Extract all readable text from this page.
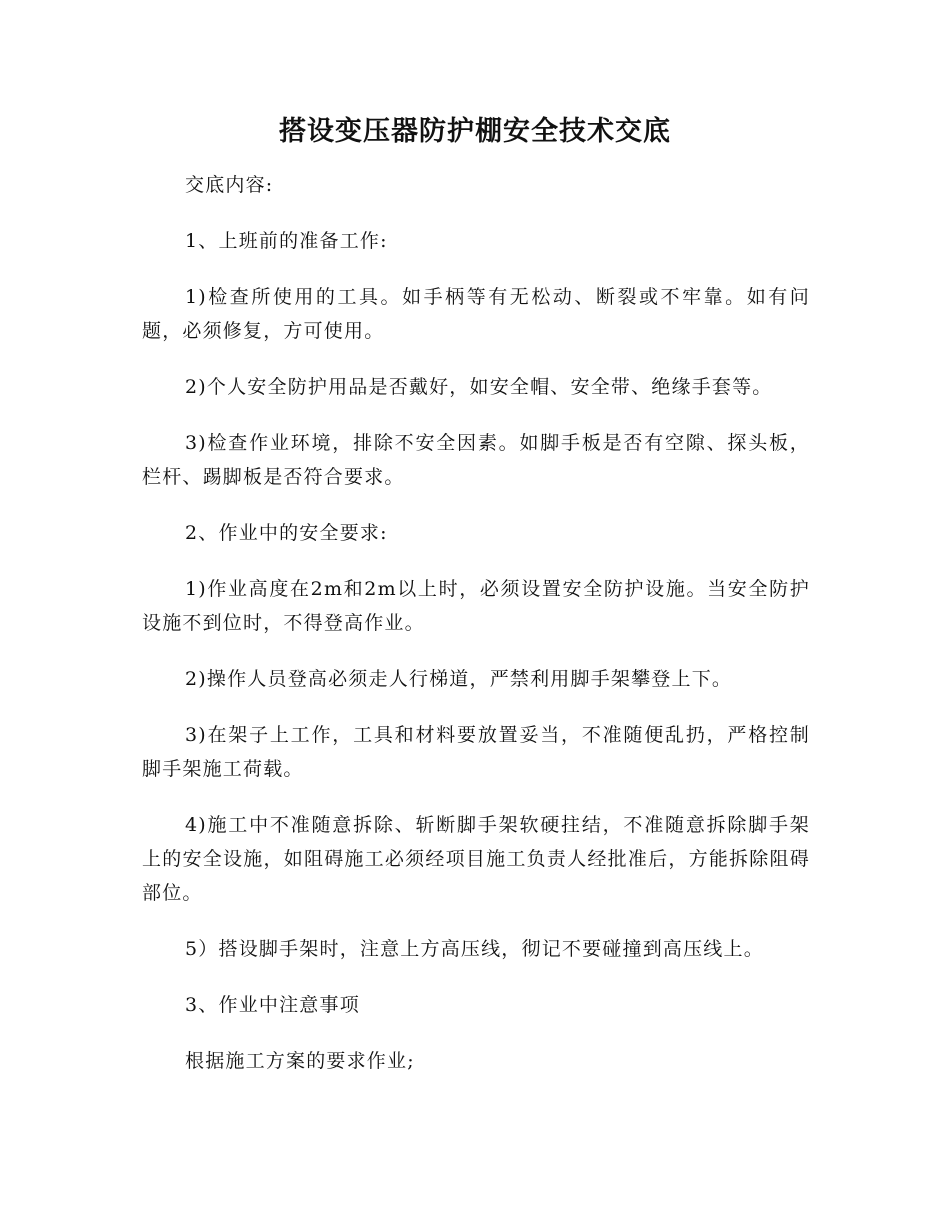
搭设变压器防护棚安全技术交底

交底内容:

1、上班前的准备工作:

1)检查所使用的工具。如手柄等有无松动、断裂或不牢靠。如有问题，必须修复，方可使用。

2)个人安全防护用品是否戴好，如安全帽、安全带、绝缘手套等。

3)检查作业环境，排除不安全因素。如脚手板是否有空隙、探头板，栏杆、踢脚板是否符合要求。

2、作业中的安全要求:

1)作业高度在2m和2m以上时，必须设置安全防护设施。当安全防护设施不到位时，不得登高作业。

2)操作人员登高必须走人行梯道，严禁利用脚手架攀登上下。

3)在架子上工作，工具和材料要放置妥当，不准随便乱扔，严格控制脚手架施工荷载。

4)施工中不准随意拆除、斩断脚手架软硬拄结，不准随意拆除脚手架上的安全设施，如阻碍施工必须经项目施工负责人经批准后，方能拆除阻碍部位。

5）搭设脚手架时，注意上方高压线，彻记不要碰撞到高压线上。

3、作业中注意事项

根据施工方案的要求作业;
